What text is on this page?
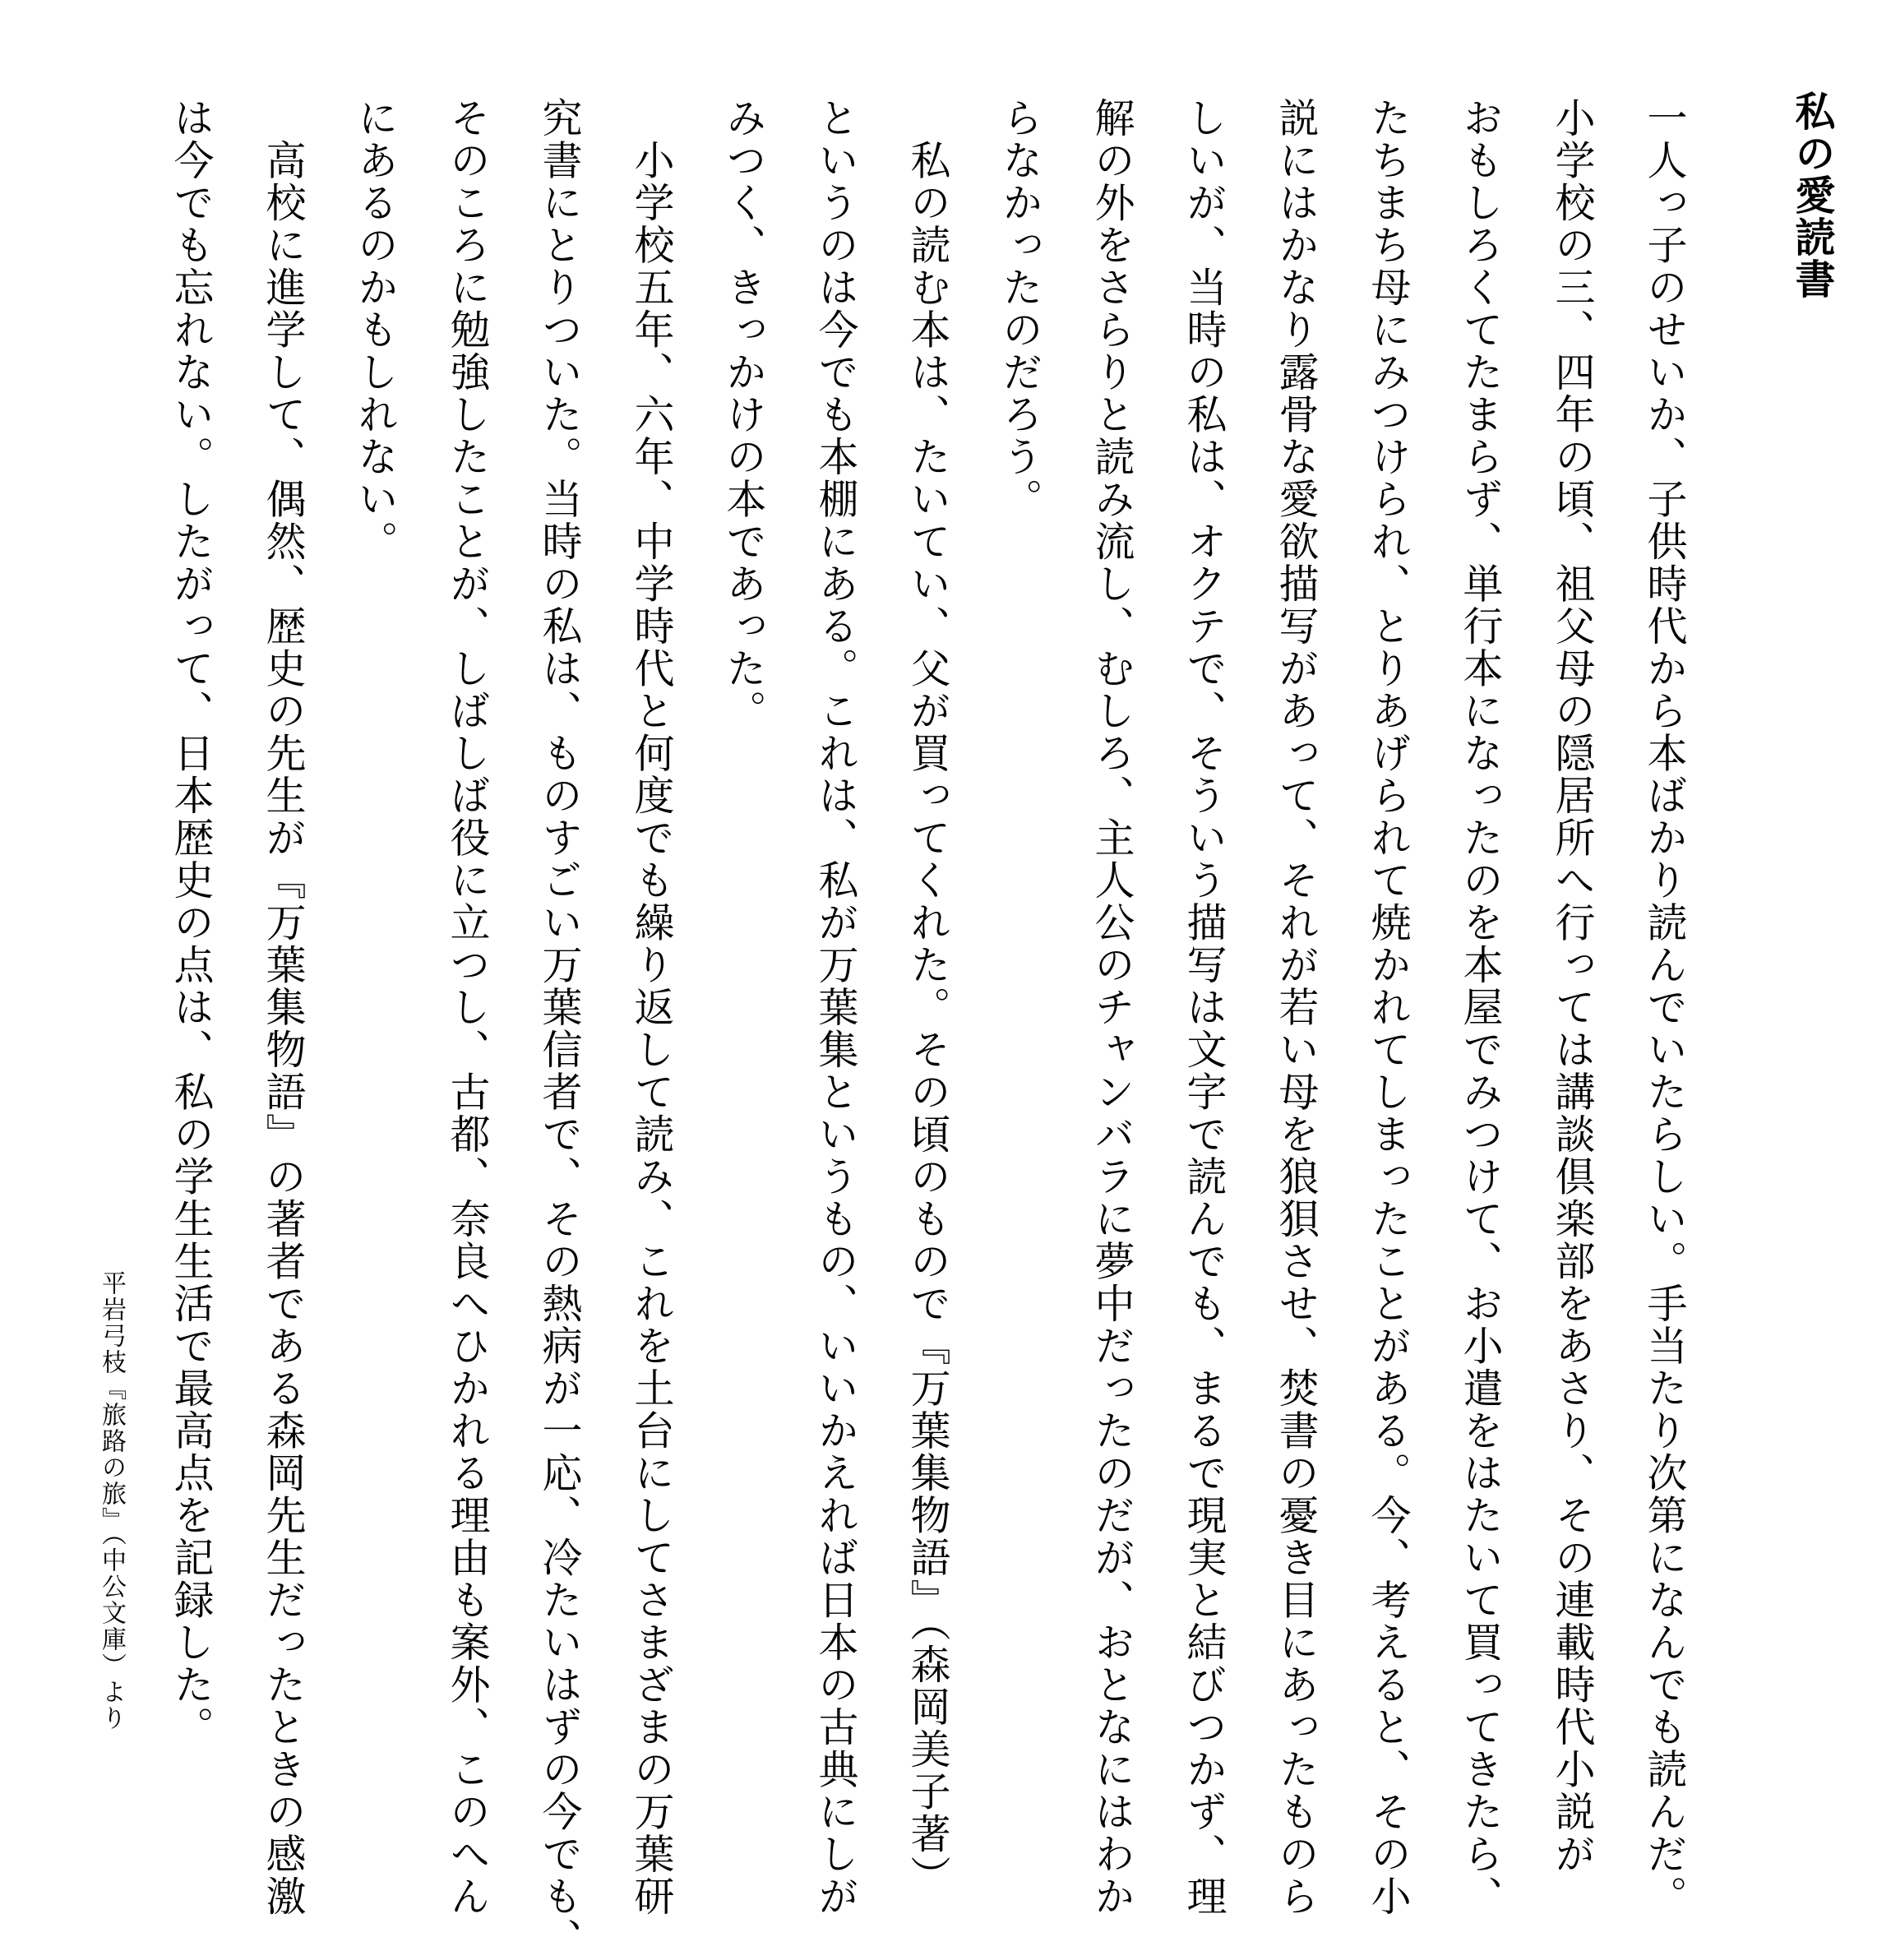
私の愛読書
一人っ子のせいか、子供時代から本ばかり読んでいたらしい。手当たり次第になんでも読んだ。
小学校の三、四年の頃、祖父母の隠居所へ行っては講談倶楽部をあさり、その連載時代小説が
おもしろくてたまらず、単行本になったのを本屋でみつけて、お小遣をはたいて買ってきたら、
たちまち母にみつけられ、とりあげられて焼かれてしまったことがある。今、考えると、その小
説にはかなり露骨な愛欲描写があって、それが若い母を狼狽させ、焚書の憂き目にあったものら
しいが、当時の私は、オクテで、そういう描写は文字で読んでも、まるで現実と結びつかず、理
解の外をさらりと読み流し、むしろ、主人公のチャンバラに夢中だったのだが、おとなにはわか
らなかったのだろう。
　私の読む本は、たいてい、父が買ってくれた。その頃のもので『万葉集物語』（森岡美子著）
というのは今でも本棚にある。これは、私が万葉集というもの、いいかえれば日本の古典にしが
みつく、きっかけの本であった。
　小学校五年、六年、中学時代と何度でも繰り返して読み、これを土台にしてさまざまの万葉研
究書にとりついた。当時の私は、ものすごい万葉信者で、その熱病が一応、冷たいはずの今でも、
そのころに勉強したことが、しばしば役に立つし、古都、奈良へひかれる理由も案外、このへん
にあるのかもしれない。
　高校に進学して、偶然、歴史の先生が『万葉集物語』の著者である森岡先生だったときの感激
は今でも忘れない。したがって、日本歴史の点は、私の学生生活で最高点を記録した。
平岩弓枝『旅路の旅』（中公文庫）より
